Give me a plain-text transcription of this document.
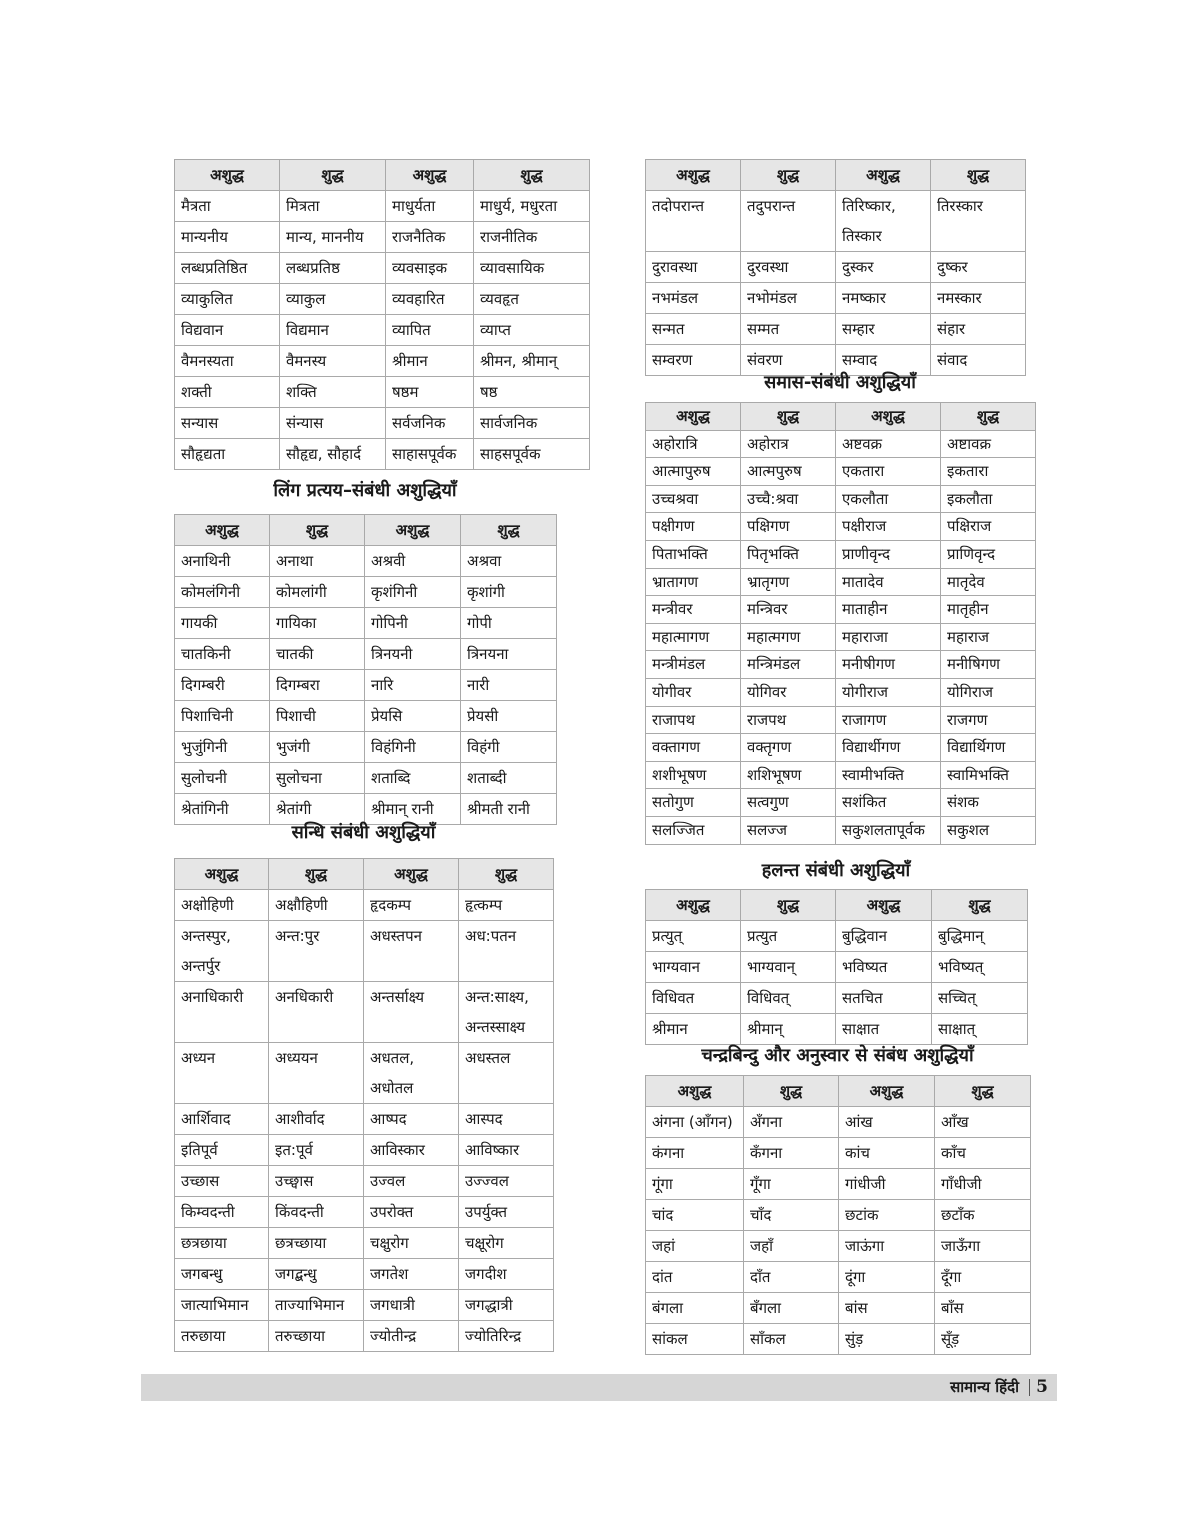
अशुद्ध	शुद्ध	अशुद्ध	शुद्ध
मैत्रता	मित्रता	माधुर्यता	माधुर्य, मधुरता
मान्यनीय	मान्य, माननीय	राजनैतिक	राजनीतिक
लब्धप्रतिष्ठित	लब्धप्रतिष्ठ	व्यवसाइक	व्यावसायिक
व्याकुलित	व्याकुल	व्यवहारित	व्यवहृत
विद्यवान	विद्यमान	व्यापित	व्याप्त
वैमनस्यता	वैमनस्य	श्रीमान	श्रीमन, श्रीमान्
शक्ती	शक्ति	षष्ठम	षष्ठ
सन्यास	संन्यास	सर्वजनिक	सार्वजनिक
सौहृद्यता	सौहृद्य, सौहार्द	साहासपूर्वक	साहसपूर्वक
लिंग प्रत्यय–संबंधी अशुद्धियाँ
अशुद्ध	शुद्ध	अशुद्ध	शुद्ध
अनाथिनी	अनाथा	अश्रवी	अश्रवा
कोमलंगिनी	कोमलांगी	कृशंगिनी	कृशांगी
गायकी	गायिका	गोपिनी	गोपी
चातकिनी	चातकी	त्रिनयनी	त्रिनयना
दिगम्बरी	दिगम्बरा	नारि	नारी
पिशाचिनी	पिशाची	प्रेयसि	प्रेयसी
भुजुंगिनी	भुजंगी	विहंगिनी	विहंगी
सुलोचनी	सुलोचना	शताब्दि	शताब्दी
श्रेतांगिनी	श्रेतांगी	श्रीमान् रानी	श्रीमती रानी
सन्धि संबंधी अशुद्धियाँ
अशुद्ध	शुद्ध	अशुद्ध	शुद्ध
अक्षोहिणी	अक्षौहिणी	हृदकम्प	हृत्कम्प
अन्तस्पुर, अन्तर्पुर	अन्त:पुर	अधस्तपन	अध:पतन
अनाधिकारी	अनधिकारी	अन्तर्साक्ष्य	अन्त:साक्ष्य, अन्तस्साक्ष्य
अध्यन	अध्ययन	अधतल, अधोतल	अधस्तल
आर्शिवाद	आशीर्वाद	आष्पद	आस्पद
इतिपूर्व	इत:पूर्व	आविस्कार	आविष्कार
उच्छास	उच्छ्वास	उज्वल	उज्ज्वल
किम्वदन्ती	किंवदन्ती	उपरोक्त	उपर्युक्त
छत्रछाया	छत्रच्छाया	चक्षुरोग	चक्षूरोग
जगबन्धु	जगद्बन्धु	जगतेश	जगदीश
जात्याभिमान	ताज्याभिमान	जगधात्री	जगद्धात्री
तरुछाया	तरुच्छाया	ज्योतीन्द्र	ज्योतिरिन्द्र
अशुद्ध	शुद्ध	अशुद्ध	शुद्ध
तदोपरान्त	तदुपरान्त	तिरिष्कार, तिस्कार	तिरस्कार
दुरावस्था	दुरवस्था	दुस्कर	दुष्कर
नभमंडल	नभोमंडल	नमष्कार	नमस्कार
सन्मत	सम्मत	सम्हार	संहार
सम्वरण	संवरण	सम्वाद	संवाद
समास-संबंधी अशुद्धियाँ
अशुद्ध	शुद्ध	अशुद्ध	शुद्ध
अहोरात्रि	अहोरात्र	अष्टवक्र	अष्टावक्र
आत्मापुरुष	आत्मपुरुष	एकतारा	इकतारा
उच्चश्रवा	उच्चै:श्रवा	एकलौता	इकलौता
पक्षीगण	पक्षिगण	पक्षीराज	पक्षिराज
पिताभक्ति	पितृभक्ति	प्राणीवृन्द	प्राणिवृन्द
भ्रातागण	भ्रातृगण	मातादेव	मातृदेव
मन्त्रीवर	मन्त्रिवर	माताहीन	मातृहीन
महात्मागण	महात्मगण	महाराजा	महाराज
मन्त्रीमंडल	मन्त्रिमंडल	मनीषीगण	मनीषिगण
योगीवर	योगिवर	योगीराज	योगिराज
राजापथ	राजपथ	राजागण	राजगण
वक्तागण	वक्तृगण	विद्यार्थीगण	विद्यार्थिगण
शशीभूषण	शशिभूषण	स्वामीभक्ति	स्वामिभक्ति
सतोगुण	सत्वगुण	सशंकित	संशक
सलज्जित	सलज्ज	सकुशलतापूर्वक	सकुशल
हलन्त संबंधी अशुद्धियाँ
अशुद्ध	शुद्ध	अशुद्ध	शुद्ध
प्रत्युत्	प्रत्युत	बुद्धिवान	बुद्धिमान्
भाग्यवान	भाग्यवान्	भविष्यत	भविष्यत्
विधिवत	विधिवत्	सतचित	सच्चित्
श्रीमान	श्रीमान्	साक्षात	साक्षात्
चन्द्रबिन्दु और अनुस्वार से संबंध अशुद्धियाँ
अशुद्ध	शुद्ध	अशुद्ध	शुद्ध
अंगना (आँगन)	अँगना	आंख	आँख
कंगना	कँगना	कांच	काँच
गूंगा	गूँगा	गांधीजी	गाँधीजी
चांद	चाँद	छटांक	छटाँक
जहां	जहाँ	जाऊंगा	जाऊँगा
दांत	दाँत	दूंगा	दूँगा
बंगला	बँगला	बांस	बाँस
सांकल	साँकल	सुंड़	सूँड़
सामान्य हिंदी 5
